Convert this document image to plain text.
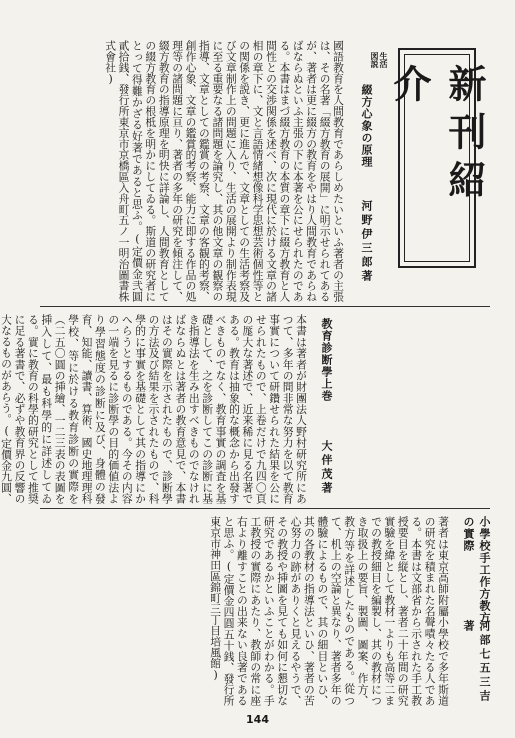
新刊紹介
生活
図説
綴方心象の原理
河野伊三郎著
國語教育を人間教育であらしめたいといふ著者の主張は、その名著「綴方教育の展開」に明示せられてあるが、著者は更に綴方の教育をやはり人間教育であらねばならぬといふ主張の下に本著を公にせられたのである。本書はまづ綴方教育の本質の章下に綴方教育と人間性との交渉関係を述べ、次に現代に於ける文章の諸相の章下に、文と言語情緒想像科学思想芸術個性等との関係を説き、更に進んで、文章としての生活考察及び文章制作上の問題に入り、生活の展開より制作表現に至る重要なる諸問題を論究し、其の他文章の観察の指導、文章としての鑑賞の考察、文章の客観的考察、創作心象、文章の鑑賞的考察、能力に即する作品の処理等の諸問題に亘り、著者の多年の研究を傾注して、綴方教育の指導原理を明快に詳論し、人間教育としての綴方教育の根柢を明かにしてゐる。斯道の研究者にとって得難かざる好著であると思ふ。(定價金弐圓貳拾銭、發行所東京市京橋區入舟町五ノ一明治圖書株式會社)
教育診断學上巻
大伴茂著
本書は著者が財團法人野村研究所にあつて、多年の間非常な努力を以て教育事實について研鑽せられた結果を公にせられたもので、上卷だけで九四〇頁の厖大な著述で、近来稀に見る名著である。教育は抽象的な概念から出發すべきものでなく、教育事實の調査を基礎として、之を診断してこの診断に基き指導法を生み出すべきものでなければならぬとは著者の教育意見で、本書はその實際を示されたもので、診断學の方法及び結果を示されたもので、科學的に事實を基礎として其の指導にかへらうとするものである。今その内容の一端を見るに診断學の目的価値法より學習態度の診断に及び、身體の發育、知能、讀書、算術、國史地理理科學校、等に於ける教育診断の實際を（二五〇圓の挿繪、一二三表の表圖を挿入して、最も科學的に詳述してゐる。實に教育の科學的研究として推奨に足る著書で、必ずや教育界の反響の大なるものがあらう。(定價金九圓、
小學校手工作方教方の實際
河部七五三吉著
著者は東京高師附屬小學校で多年斯道の研究を積まれた名聲嘖々たる人である。本書は文部省から示された手工教授要目を縦とし、著者二十年間の研究實驗を緯として教材一よりも高等二までの教授細目を編製し、其の教材につき取扱上の要旨、製圖、圖案、作方、教方等を詳述したものである。從つて、机上の空論と異なり、著者多年の體驗によるもので、其の細目といひ、其の各教材の指導法といひ、著者の苦心努力の跡がありくと見えるやうで、その教授や挿圖を見ても如何に懇切な研究であるかといふことがわかる。手工教授の實際にあたり、教師の常に座右より離すことの出来ない良著であると思ふ。(定價金四圓五十銭、發行所東京市神田區錦町三丁目培風館)
144
